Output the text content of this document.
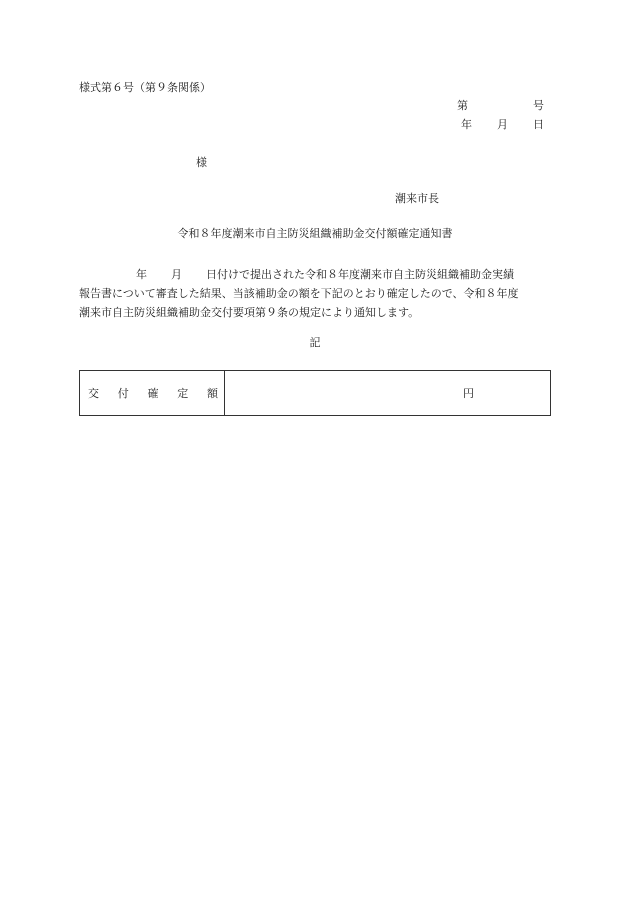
様式第６号（第９条関係）
第	号
年	月	日
様
潮来市長
令和８年度潮来市自主防災組織補助金交付額確定通知書
年 月 日付けで提出された令和８年度潮来市自主防災組織補助金実績
報告書について審査した結果、当該補助金の額を下記のとおり確定したので、令和８年度
潮来市自主防災組織補助金交付要項第９条の規定により通知します。
記
交 付 確 定 額	円
